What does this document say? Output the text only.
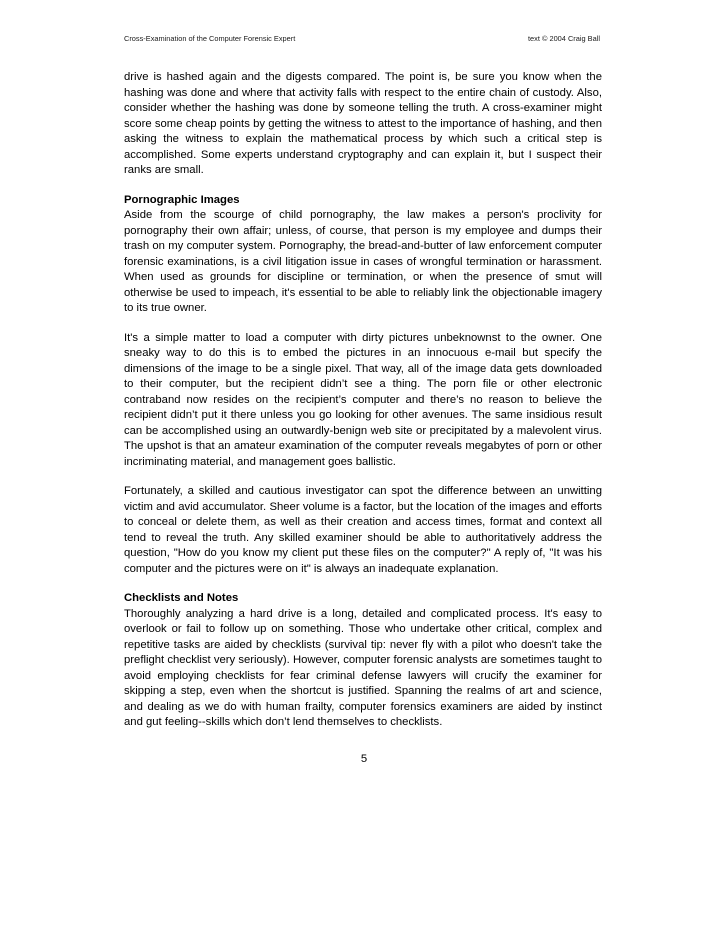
Cross-Examination of the Computer Forensic Expert	text © 2004 Craig Ball

drive is hashed again and the digests compared. The point is, be sure you know when the hashing was done and where that activity falls with respect to the entire chain of custody. Also, consider whether the hashing was done by someone telling the truth. A cross-examiner might score some cheap points by getting the witness to attest to the importance of hashing, and then asking the witness to explain the mathematical process by which such a critical step is accomplished. Some experts understand cryptography and can explain it, but I suspect their ranks are small.

Pornographic Images

Aside from the scourge of child pornography, the law makes a person's proclivity for pornography their own affair; unless, of course, that person is my employee and dumps their trash on my computer system. Pornography, the bread-and-butter of law enforcement computer forensic examinations, is a civil litigation issue in cases of wrongful termination or harassment. When used as grounds for discipline or termination, or when the presence of smut will otherwise be used to impeach, it's essential to be able to reliably link the objectionable imagery to its true owner.

It's a simple matter to load a computer with dirty pictures unbeknownst to the owner. One sneaky way to do this is to embed the pictures in an innocuous e-mail but specify the dimensions of the image to be a single pixel. That way, all of the image data gets downloaded to their computer, but the recipient didn’t see a thing. The porn file or other electronic contraband now resides on the recipient’s computer and there’s no reason to believe the recipient didn’t put it there unless you go looking for other avenues. The same insidious result can be accomplished using an outwardly-benign web site or precipitated by a malevolent virus. The upshot is that an amateur examination of the computer reveals megabytes of porn or other incriminating material, and management goes ballistic.

Fortunately, a skilled and cautious investigator can spot the difference between an unwitting victim and avid accumulator. Sheer volume is a factor, but the location of the images and efforts to conceal or delete them, as well as their creation and access times, format and context all tend to reveal the truth. Any skilled examiner should be able to authoritatively address the question, "How do you know my client put these files on the computer?" A reply of, "It was his computer and the pictures were on it" is always an inadequate explanation.

Checklists and Notes

Thoroughly analyzing a hard drive is a long, detailed and complicated process. It's easy to overlook or fail to follow up on something. Those who undertake other critical, complex and repetitive tasks are aided by checklists (survival tip: never fly with a pilot who doesn't take the preflight checklist very seriously). However, computer forensic analysts are sometimes taught to avoid employing checklists for fear criminal defense lawyers will crucify the examiner for skipping a step, even when the shortcut is justified. Spanning the realms of art and science, and dealing as we do with human frailty, computer forensics examiners are aided by instinct and gut feeling--skills which don’t lend themselves to checklists.

5
